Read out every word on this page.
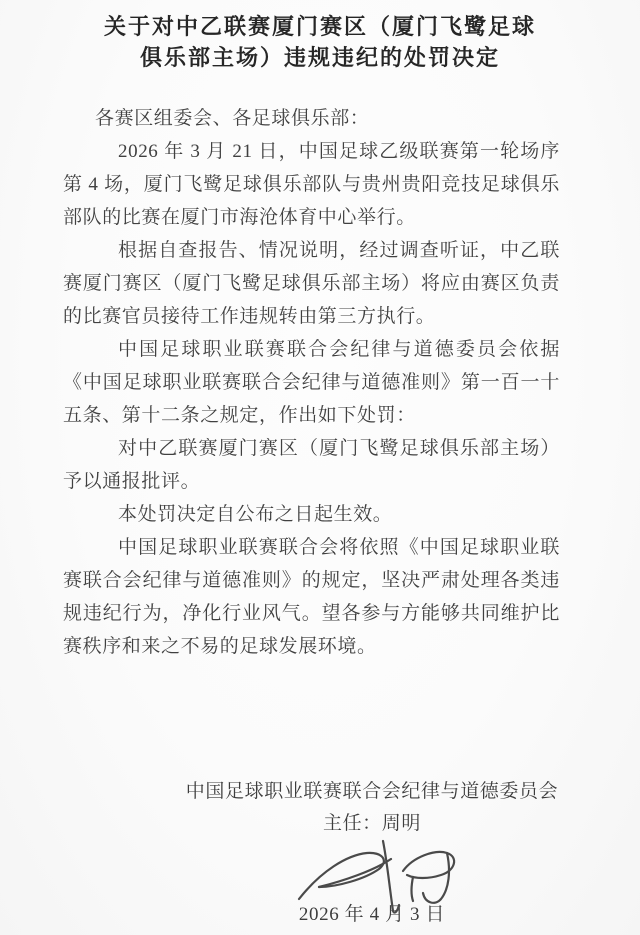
关于对中乙联赛厦门赛区（厦门飞鹭足球
俱乐部主场）违规违纪的处罚决定
各赛区组委会、各足球俱乐部：

2026 年 3 月 21 日，中国足球乙级联赛第一轮场序第 4 场，厦门飞鹭足球俱乐部队与贵州贵阳竞技足球俱乐部队的比赛在厦门市海沧体育中心举行。

根据自查报告、情况说明，经过调查听证，中乙联赛厦门赛区（厦门飞鹭足球俱乐部主场）将应由赛区负责的比赛官员接待工作违规转由第三方执行。

中国足球职业联赛联合会纪律与道德委员会依据《中国足球职业联赛联合会纪律与道德准则》第一百一十五条、第十二条之规定，作出如下处罚：

对中乙联赛厦门赛区（厦门飞鹭足球俱乐部主场）予以通报批评。

本处罚决定自公布之日起生效。

中国足球职业联赛联合会将依照《中国足球职业联赛联合会纪律与道德准则》的规定，坚决严肃处理各类违规违纪行为，净化行业风气。望各参与方能够共同维护比赛秩序和来之不易的足球发展环境。

中国足球职业联赛联合会纪律与道德委员会
主任：周明
2026 年 4 月 3 日
